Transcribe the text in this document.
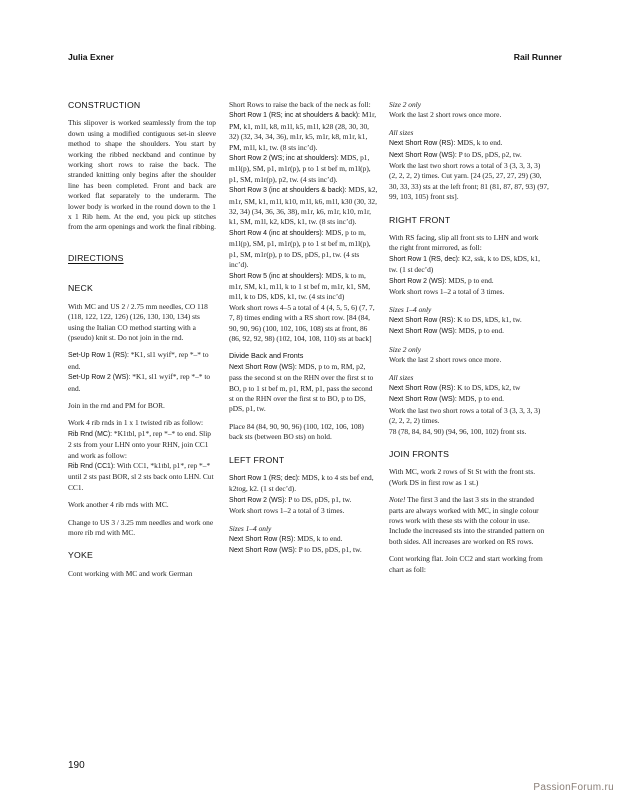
Julia Exner	Rail Runner
CONSTRUCTION

This slipover is worked seamlessly from the top down using a modified contiguous set-in sleeve method to shape the shoulders. You start by working the ribbed neckband and continue by working short rows to raise the back. The stranded knitting only begins after the shoulder line has been completed. Front and back are worked flat separately to the underarm. The lower body is worked in the round down to the 1 x 1 Rib hem. At the end, you pick up stitches from the arm openings and work the final ribbing.

DIRECTIONS
NECK

With MC and US 2 / 2.75 mm needles, CO 118 (118, 122, 122, 126) (126, 130, 130, 134) sts using the Italian CO method starting with a (pseudo) knit st. Do not join in the rnd.

Set-Up Row 1 (RS): *K1, sl1 wyif*, rep *–* to end.

Set-Up Row 2 (WS): *K1, sl1 wyif*, rep *–* to end.

Join in the rnd and PM for BOR.

Work 4 rib rnds in 1 x 1 twisted rib as follow:

Rib Rnd (MC): *K1tbl, p1*, rep *–* to end. Slip 2 sts from your LHN onto your RHN, join CC1 and work as follow:

Rib Rnd (CC1): With CC1, *k1tbl, p1*, rep *–* until 2 sts past BOR, sl 2 sts back onto LHN. Cut CC1.

Work another 4 rib rnds with MC.

Change to US 3 / 3.25 mm needles and work one more rib rnd with MC.

YOKE

Cont working with MC and work German

Short Rows to raise the back of the neck as foll:

Short Row 1 (RS; inc at shoulders & back): M1r, PM, k1, m1l, k8, m1l, k5, m1l, k28 (28, 30, 30, 32) (32, 34, 34, 36), m1r, k5, m1r, k8, m1r, k1, PM, m1l, k1, tw. (8 sts inc’d).

Short Row 2 (WS; inc at shoulders): MDS, p1, m1l(p), SM, p1, m1r(p), p to 1 st bef m, m1l(p), p1, SM, m1r(p), p2, tw. (4 sts inc’d).

Short Row 3 (inc at shoulders & back): MDS, k2, m1r, SM, k1, m1l, k10, m1l, k6, m1l, k30 (30, 32, 32, 34) (34, 36, 36, 38), m1r, k6, m1r, k10, m1r, k1, SM, m1l, k2, kDS, k1, tw. (8 sts inc’d).

Short Row 4 (inc at shoulders): MDS, p to m, m1l(p), SM, p1, m1r(p), p to 1 st bef m, m1l(p), p1, SM, m1r(p), p to DS, pDS, p1, tw. (4 sts inc’d).

Short Row 5 (inc at shoulders): MDS, k to m, m1r, SM, k1, m1l, k to 1 st bef m, m1r, k1, SM, m1l, k to DS, kDS, k1, tw. (4 sts inc’d)

Work short rows 4–5 a total of 4 (4, 5, 5, 6) (7, 7, 7, 8) times ending with a RS short row. [84 (84, 90, 90, 96) (100, 102, 106, 108) sts at front, 86 (86, 92, 92, 98) (102, 104, 108, 110) sts at back]

Divide Back and Fronts

Next Short Row (WS): MDS, p to m, RM, p2, pass the second st on the RHN over the first st to BO, p to 1 st bef m, p1, RM, p1, pass the second st on the RHN over the first st to BO, p to DS, pDS, p1, tw.

Place 84 (84, 90, 90, 96) (100, 102, 106, 108) back sts (between BO sts) on hold.

LEFT FRONT

Short Row 1 (RS; dec): MDS, k to 4 sts bef end, k2tog, k2. (1 st dec’d).

Short Row 2 (WS): P to DS, pDS, p1, tw.

Work short rows 1–2 a total of 3 times.

Sizes 1–4 only

Next Short Row (RS): MDS, k to end.

Next Short Row (WS): P to DS, pDS, p1, tw.

Size 2 only

Work the last 2 short rows once more.

All sizes

Next Short Row (RS): MDS, k to end.

Next Short Row (WS): P to DS, pDS, p2, tw.

Work the last two short rows a total of 3 (3, 3, 3, 3) (2, 2, 2, 2) times. Cut yarn. [24 (25, 27, 27, 29) (30, 30, 33, 33) sts at the left front; 81 (81, 87, 87, 93) (97, 99, 103, 105) front sts].

RIGHT FRONT

With RS facing, slip all front sts to LHN and work the right front mirrored, as foll:

Short Row 1 (RS, dec): K2, ssk, k to DS, kDS, k1, tw. (1 st dec’d)

Short Row 2 (WS): MDS, p to end.

Work short rows 1–2 a total of 3 times.

Sizes 1–4 only

Next Short Row (RS): K to DS, kDS, k1, tw.

Next Short Row (WS): MDS, p to end.

Size 2 only

Work the last 2 short rows once more.

All sizes

Next Short Row (RS): K to DS, kDS, k2, tw

Next Short Row (WS): MDS, p to end.

Work the last two short rows a total of 3 (3, 3, 3, 3) (2, 2, 2, 2) times.

78 (78, 84, 84, 90) (94, 96, 100, 102) front sts.

JOIN FRONTS

With MC, work 2 rows of St St with the front sts. (Work DS in first row as 1 st.)

Note! The first 3 and the last 3 sts in the stranded parts are always worked with MC, in single colour rows work with these sts with the colour in use. Include the increased sts into the stranded pattern on both sides. All increases are worked on RS rows.

Cont working flat. Join CC2 and start working from chart as foll:

190
PassionForum.ru
